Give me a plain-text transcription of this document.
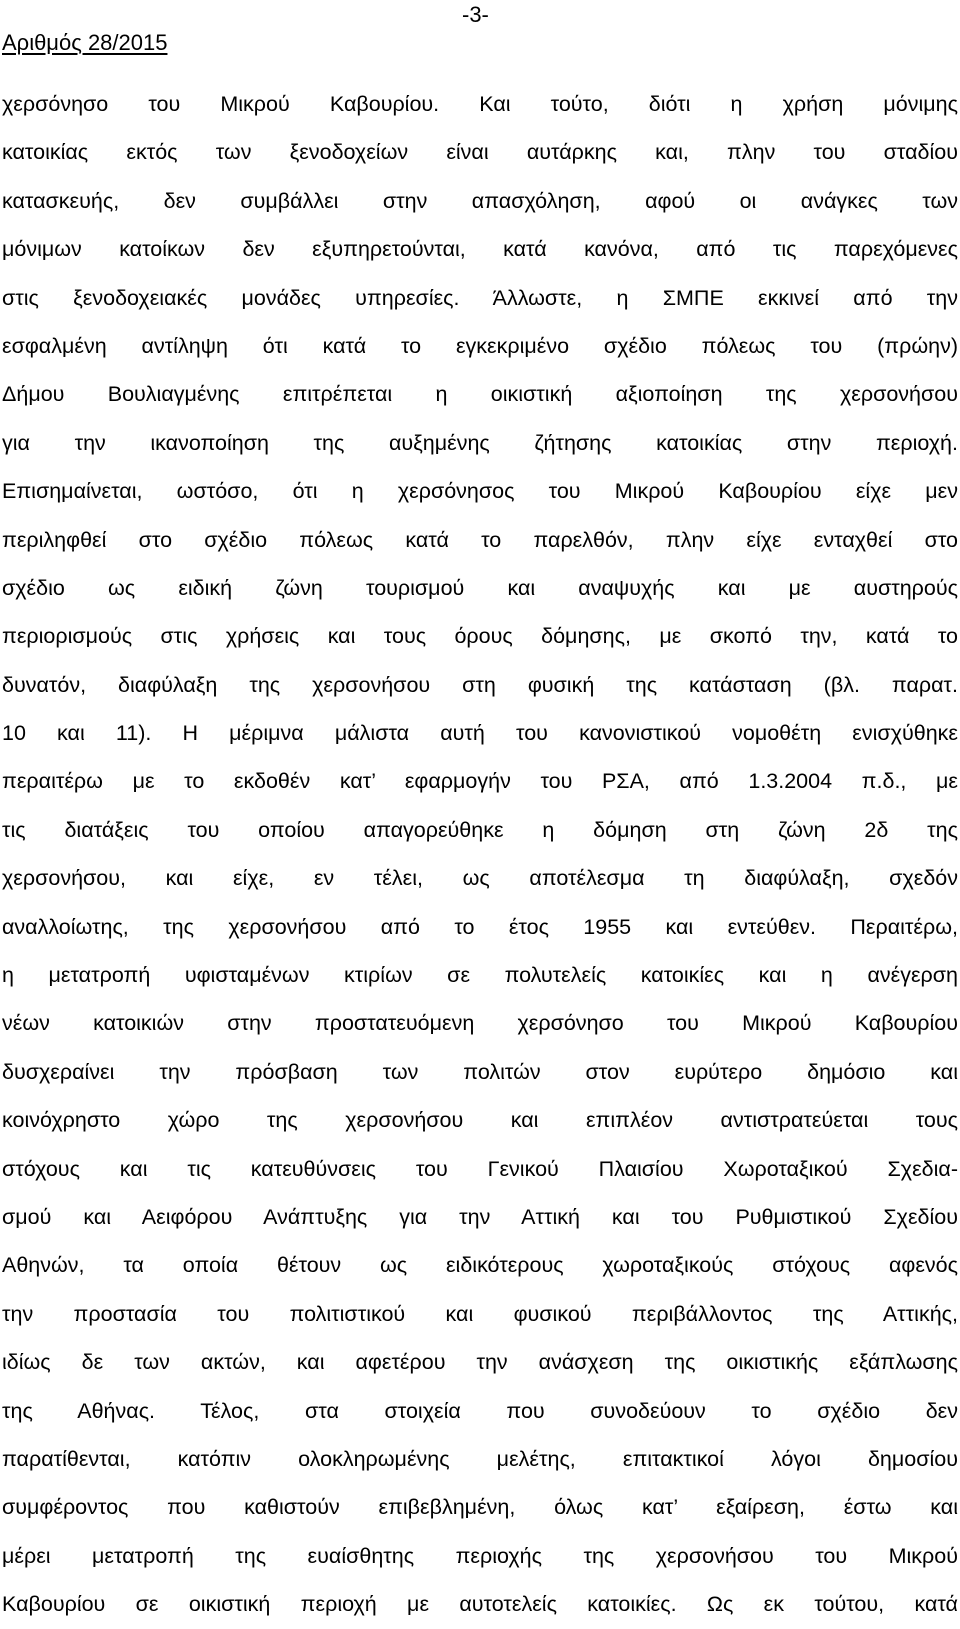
Αριθμός 28/2015
-3-
χερσόνησο του Μικρού Καβουρίου. Και τούτο, διότι η χρήση μόνιμης
κατοικίας εκτός των ξενοδοχείων είναι αυτάρκης και, πλην του σταδίου
κατασκευής, δεν συμβάλλει στην απασχόληση, αφού οι ανάγκες των
μόνιμων κατοίκων δεν εξυπηρετούνται, κατά κανόνα, από τις παρεχόμενες
στις ξενοδοχειακές μονάδες υπηρεσίες. Άλλωστε, η ΣΜΠΕ εκκινεί από την
εσφαλμένη αντίληψη ότι κατά το εγκεκριμένο σχέδιο πόλεως του (πρώην)
Δήμου Βουλιαγμένης επιτρέπεται η οικιστική αξιοποίηση της χερσονήσου
για την ικανοποίηση της αυξημένης ζήτησης κατοικίας στην περιοχή.
Επισημαίνεται, ωστόσο, ότι η χερσόνησος του Μικρού Καβουρίου είχε μεν
περιληφθεί στο σχέδιο πόλεως κατά το παρελθόν, πλην είχε ενταχθεί στο
σχέδιο ως ειδική ζώνη τουρισμού και αναψυχής και με αυστηρούς
περιορισμούς στις χρήσεις και τους όρους δόμησης, με σκοπό την, κατά το
δυνατόν, διαφύλαξη της χερσονήσου στη φυσική της κατάσταση (βλ. παρατ.
10 και 11). Η μέριμνα μάλιστα αυτή του κανονιστικού νομοθέτη ενισχύθηκε
περαιτέρω με το εκδοθέν κατ’ εφαρμογήν του ΡΣΑ, από 1.3.2004 π.δ., με
τις διατάξεις του οποίου απαγορεύθηκε η δόμηση στη ζώνη 2δ της
χερσονήσου, και είχε, εν τέλει, ως αποτέλεσμα τη διαφύλαξη, σχεδόν
αναλλοίωτης, της χερσονήσου από το έτος 1955 και εντεύθεν. Περαιτέρω,
η μετατροπή υφισταμένων κτιρίων σε πολυτελείς κατοικίες και η ανέγερση
νέων κατοικιών στην προστατευόμενη χερσόνησο του Μικρού Καβουρίου
δυσχεραίνει την πρόσβαση των πολιτών στον ευρύτερο δημόσιο και
κοινόχρηστο χώρο της χερσονήσου και επιπλέον αντιστρατεύεται τους
στόχους και τις κατευθύνσεις του Γενικού Πλαισίου Χωροταξικού Σχεδια-
σμού και Αειφόρου Ανάπτυξης για την Αττική και του Ρυθμιστικού Σχεδίου
Αθηνών, τα οποία θέτουν ως ειδικότερους χωροταξικούς στόχους αφενός
την προστασία του πολιτιστικού και φυσικού περιβάλλοντος της Αττικής,
ιδίως δε των ακτών, και αφετέρου την ανάσχεση της οικιστικής εξάπλωσης
της Αθήνας. Τέλος, στα στοιχεία που συνοδεύουν το σχέδιο δεν
παρατίθενται, κατόπιν ολοκληρωμένης μελέτης, επιτακτικοί λόγοι δημοσίου
συμφέροντος που καθιστούν επιβεβλημένη, όλως κατ’ εξαίρεση, έστω και
μέρει μετατροπή της ευαίσθητης περιοχής της χερσονήσου του Μικρού
Καβουρίου σε οικιστική περιοχή με αυτοτελείς κατοικίες. Ως εκ τούτου, κατά
